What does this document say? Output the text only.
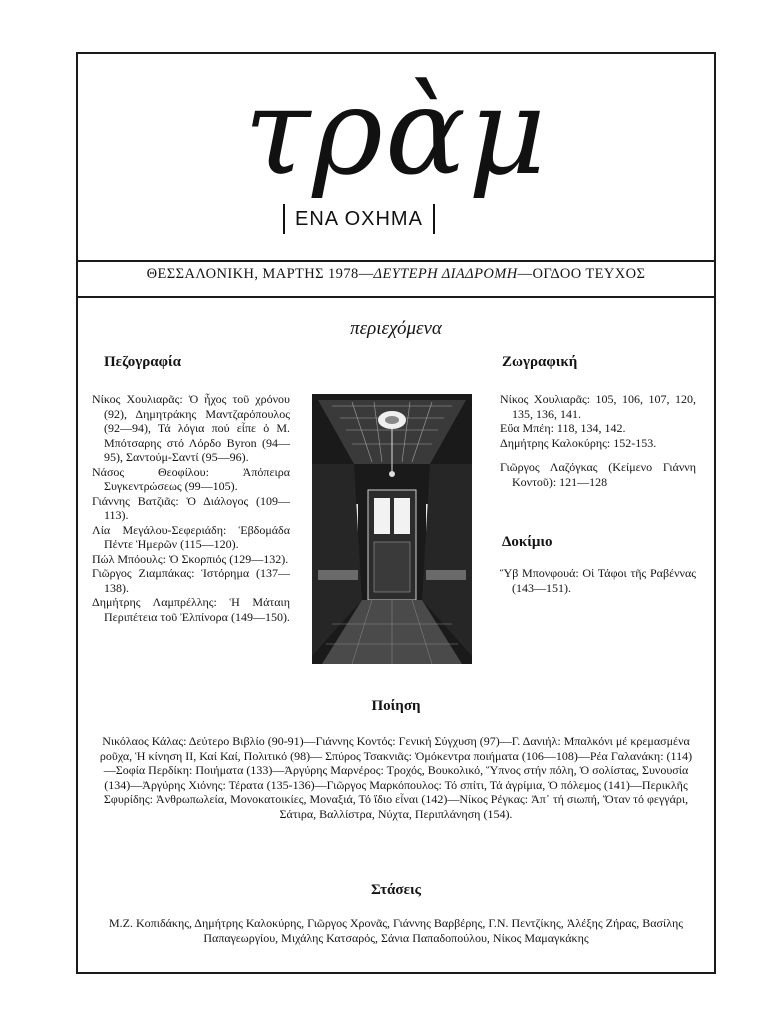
τρὰμ
ΕΝΑ ΟΧΗΜΑ
ΘΕΣΣΑΛΟΝΙΚΗ, ΜΑΡΤΗΣ 1978—ΔΕΥΤΕΡΗ ΔΙΑΔΡΟΜΗ—ΟΓΔΟΟ ΤΕΥΧΟΣ
περιεχόμενα
Πεζογραφία

Νίκος Χουλιαρᾶς: Ὁ ἦχος τοῦ χρόνου (92), Δημητράκης Μαντζαρόπουλος (92—94), Τά λόγια πού εἶπε ὁ Μ. Μπότσαρης στό Λόρδο Byron (94—95), Σαντούμ-Σαντί (95—96).

Νάσος Θεοφίλου: Ἀπόπειρα Συγκεντρώσεως (99—105).

Γιάννης Βατζιᾶς: Ὁ Διάλογος (109—113).

Λία Μεγάλου-Σεφεριάδη: Ἑβδομάδα Πέντε Ἡμερῶν (115—120).

Πώλ Μπόουλς: Ὁ Σκορπιός (129—132).

Γιῶργος Ζιαμπάκας: Ἱστόρημα (137—138).

Δημήτρης Λαμπρέλλης: Ἡ Μάταιη Περιπέτεια τοῦ Ἐλπίνορα (149—150).

Ζωγραφική

Νίκος Χουλιαρᾶς: 105, 106, 107, 120, 135, 136, 141.

Εὔα Μπέη: 118, 134, 142.

Δημήτρης Καλοκύρης: 152-153.

Γιῶργος Λαζόγκας (Κείμενο Γιάννη Κοντοῦ): 121—128

Δοκίμιο

Ὕβ Μπονφουά: Οἱ Τάφοι τῆς Ραβέννας (143—151).

Ποίηση
Νικόλαος Κάλας: Δεύτερο Βιβλίο (90-91)—Γιάννης Κοντός: Γενική Σύγχυση (97)—Γ. Δανιήλ: Μπαλκόνι μέ κρεμασμένα ροῦχα, Ἡ κίνηση ΙΙ, Καί Καί, Πολιτικό (98)— Σπύρος Τσακνιᾶς: Ὁμόκεντρα ποιήματα (106—108)—Ρέα Γαλανάκη: (114)—Σοφία Περδίκη: Ποιήματα (133)—Ἀργύρης Μαρνέρος: Τροχός, Βουκολικό, Ὕπνος στήν πόλη, Ὁ σολίστας, Συνουσία (134)—Ἀργύρης Χιόνης: Τέρατα (135-136)—Γιῶργος Μαρκόπουλος: Τό σπίτι, Τά ἀγρίμια, Ὁ πόλεμος (141)—Περικλῆς Σφυρίδης: Ἀνθρωπωλεία, Μονοκατοικίες, Μοναξιά, Τό ἴδιο εἶναι (142)—Νίκος Ρέγκας: Ἀπ᾽ τή σιωπή, Ὅταν τό φεγγάρι, Σάτιρα, Βαλλίστρα, Νύχτα, Περιπλάνηση (154).
Στάσεις
Μ.Ζ. Κοπιδάκης, Δημήτρης Καλοκύρης, Γιῶργος Χρονᾶς, Γιάννης Βαρβέρης, Γ.Ν. Πεντζίκης, Ἀλέξης Ζήρας, Βασίλης Παπαγεωργίου, Μιχάλης Κατσαρός, Σάνια Παπαδοπούλου, Νίκος Μαμαγκάκης
